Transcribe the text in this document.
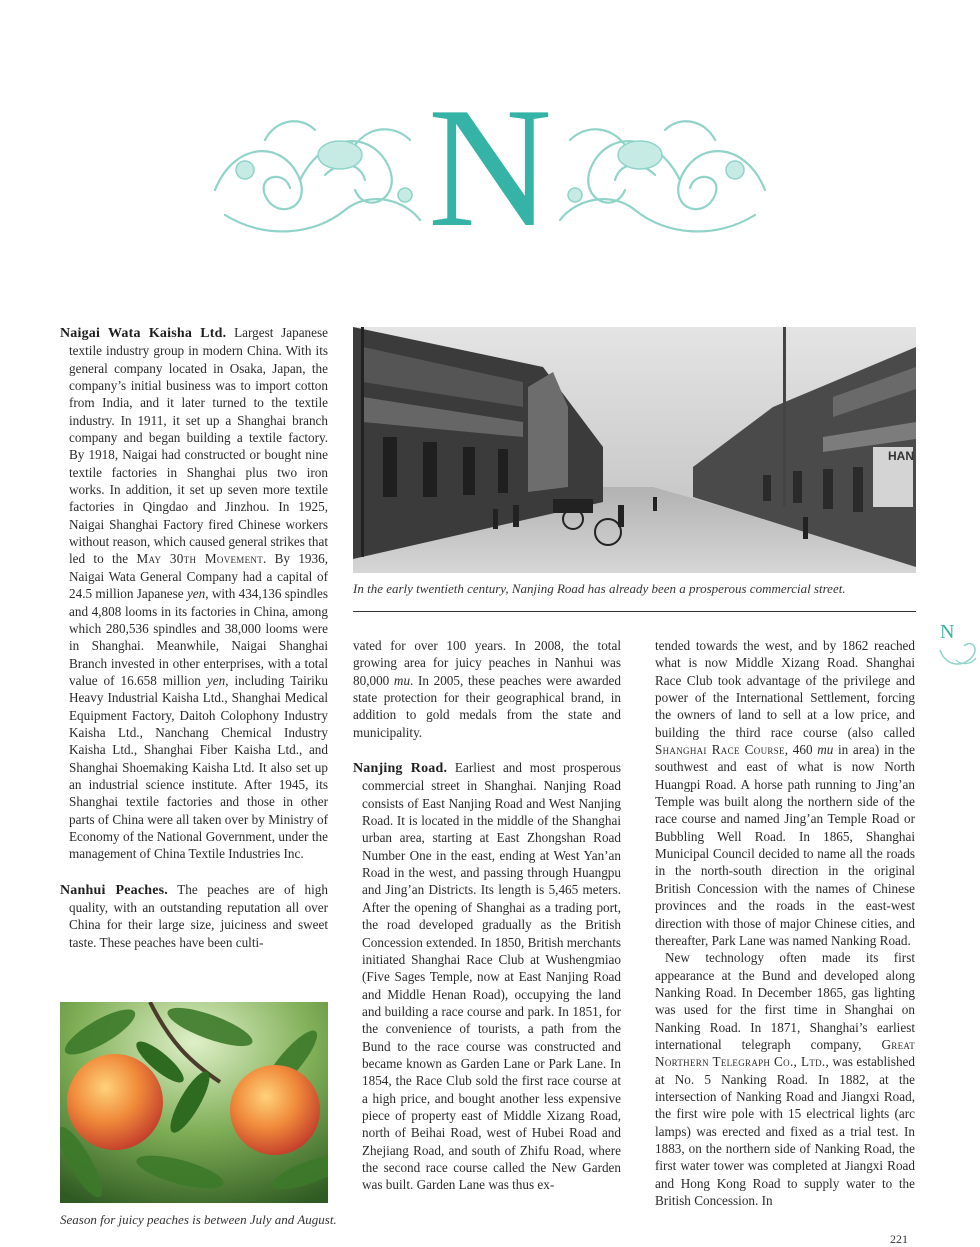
N
HAN
In the early twentieth century, Nanjing Road has already been a prosperous commercial street.

Naigai Wata Kaisha Ltd. Largest Japanese textile industry group in modern China. With its general company located in Osaka, Japan, the company’s initial business was to import cotton from India, and it later turned to the textile industry. In 1911, it set up a Shanghai branch company and began building a textile factory. By 1918, Naigai had constructed or bought nine textile factories in Shanghai plus two iron works. In addition, it set up seven more textile factories in Qingdao and Jinzhou. In 1925, Naigai Shanghai Factory fired Chinese workers without reason, which caused general strikes that led to the May 30th Movement. By 1936, Naigai Wata General Company had a capital of 24.5 million Japanese yen, with 434,136 spindles and 4,808 looms in its factories in China, among which 280,536 spindles and 38,000 looms were in Shanghai. Meanwhile, Naigai Shanghai Branch invested in other enterprises, with a total value of 16.658 million yen, including Tairiku Heavy Industrial Kaisha Ltd., Shanghai Medical Equipment Factory, Daitoh Colophony Industry Kaisha Ltd., Nanchang Chemical Industry Kaisha Ltd., Shanghai Fiber Kaisha Ltd., and Shanghai Shoemaking Kaisha Ltd. It also set up an industrial science institute. After 1945, its Shanghai textile factories and those in other parts of China were all taken over by Ministry of Economy of the National Government, under the management of China Textile Industries Inc.

Nanhui Peaches. The peaches are of high quality, with an outstanding reputation all over China for their large size, juiciness and sweet taste. These peaches have been culti-

Season for juicy peaches is between July and August.

vated for over 100 years. In 2008, the total growing area for juicy peaches in Nanhui was 80,000 mu. In 2005, these peaches were awarded state protection for their geographical brand, in addition to gold medals from the state and municipality.

Nanjing Road. Earliest and most prosperous commercial street in Shanghai. Nanjing Road consists of East Nanjing Road and West Nanjing Road. It is located in the middle of the Shanghai urban area, starting at East Zhongshan Road Number One in the east, ending at West Yan’an Road in the west, and passing through Huangpu and Jing’an Districts. Its length is 5,465 meters. After the opening of Shanghai as a trading port, the road developed gradually as the British Concession extended. In 1850, British merchants initiated Shanghai Race Club at Wushengmiao (Five Sages Temple, now at East Nanjing Road and Middle Henan Road), occupying the land and building a race course and park. In 1851, for the convenience of tourists, a path from the Bund to the race course was constructed and became known as Garden Lane or Park Lane. In 1854, the Race Club sold the first race course at a high price, and bought another less expensive piece of property east of Middle Xizang Road, north of Beihai Road, west of Hubei Road and Zhejiang Road, and south of Zhifu Road, where the second race course called the New Garden was built. Garden Lane was thus ex-

tended towards the west, and by 1862 reached what is now Middle Xizang Road. Shanghai Race Club took advantage of the privilege and power of the International Settlement, forcing the owners of land to sell at a low price, and building the third race course (also called Shanghai Race Course, 460 mu in area) in the southwest and east of what is now North Huangpi Road. A horse path running to Jing’an Temple was built along the northern side of the race course and named Jing’an Temple Road or Bubbling Well Road. In 1865, Shanghai Municipal Council decided to name all the roads in the north-south direction in the original British Concession with the names of Chinese provinces and the roads in the east-west direction with those of major Chinese cities, and thereafter, Park Lane was named Nanking Road.

New technology often made its first appearance at the Bund and developed along Nanking Road. In December 1865, gas lighting was used for the first time in Shanghai on Nanking Road. In 1871, Shanghai’s earliest international telegraph company, Great Northern Telegraph Co., Ltd., was established at No. 5 Nanking Road. In 1882, at the intersection of Nanking Road and Jiangxi Road, the first wire pole with 15 electrical lights (arc lamps) was erected and fixed as a trial test. In 1883, on the northern side of Nanking Road, the first water tower was completed at Jiangxi Road and Hong Kong Road to supply water to the British Concession. In

N
221
